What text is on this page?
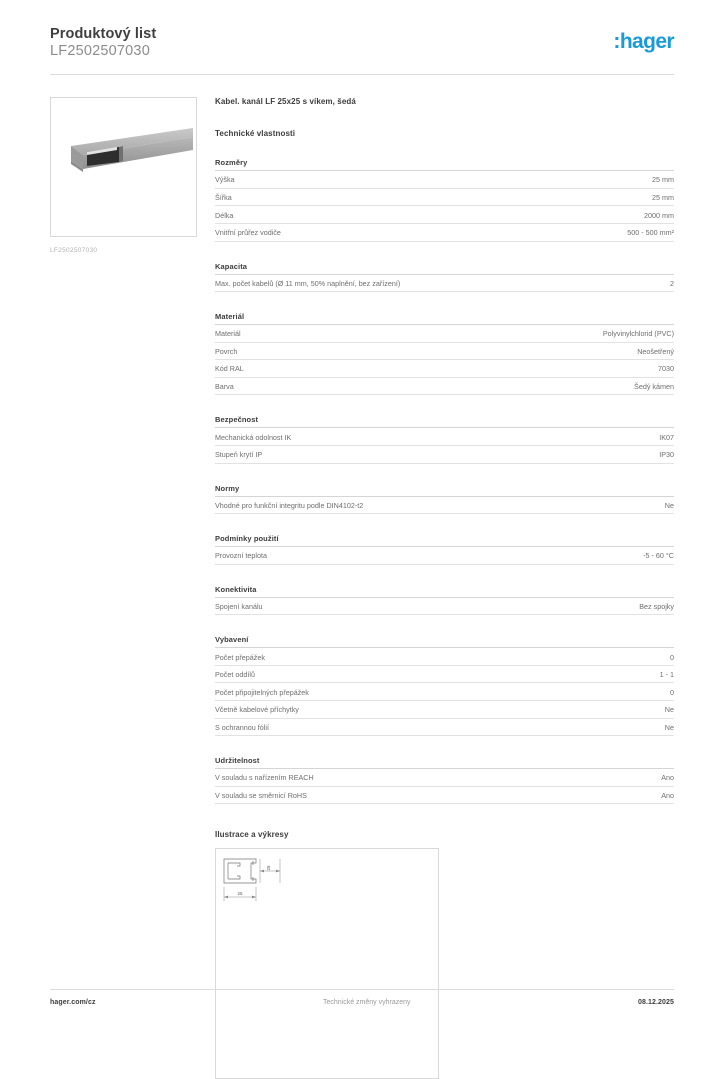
Produktový list
LF2502507030	:hager
LF2502507030
Kabel. kanál LF 25x25 s víkem, šedá
Technické vlastnosti
Rozměry
Výška	25 mm
Šířka	25 mm
Délka	2000 mm
Vnitřní průřez vodiče	500 - 500 mm²
Kapacita
Max. počet kabelů (Ø 11 mm, 50% naplnění, bez zařízení)	2
Materiál
Materiál	Polyvinylchlorid (PVC)
Povrch	Neošetřený
Kód RAL	7030
Barva	Šedý kámen
Bezpečnost
Mechanická odolnost IK	IK07
Stupeň krytí IP	IP30
Normy
Vhodné pro funkční integritu podle DIN4102-t2	Ne
Podmínky použití
Provozní teplota	-5 - 60 °C
Konektivita
Spojení kanálu	Bez spojky
Vybavení
Počet přepážek	0
Počet oddílů	1 - 1
Počet připojitelných přepážek	0
Včetně kabelové příchytky	Ne
S ochrannou fólií	Ne
Udržitelnost
V souladu s nařízením REACH	Ano
V souladu se směrnicí RoHS	Ano
Ilustrace a výkresy
25
25
hager.com/cz	Technické změny vyhrazeny	08.12.2025
